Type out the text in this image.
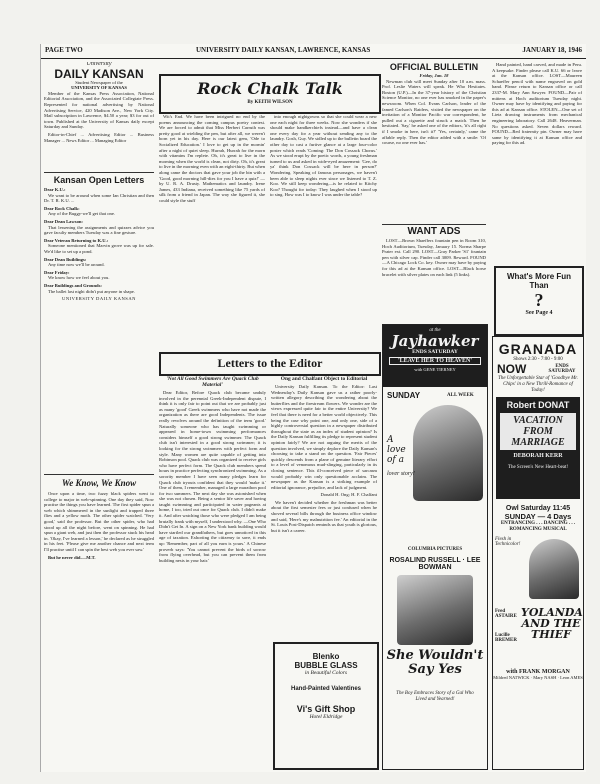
PAGE TWO	UNIVERSITY DAILY KANSAN, LAWRENCE, KANSAS	JANUARY 18, 1946
University
DAILY KANSAN
Student Newspaper of the
UNIVERSITY OF KANSAS

Member of the Kansas Press Association, National Editorial Association, and the Associated Collegiate Press. Represented for national advertising by National Advertising Service, 420 Madison Ave., New York City. Mail subscription in Lawrence, $4.50 a year; $3 for out of town. Published at the University of Kansas daily except Saturday and Sunday.

Editor-in-Chief ... Advertising Editor ... Business Manager ... News Editor ... Managing Editor

Kansan Open Letters
Dear K.U.:

We want to be around when some Ian Christian and then Dr. T. R. K.U. ...

Dear Rock Chalk:

Any of the Buggy-we'll get that one.

Dear Dean Lawson:

That lessening the assignments and quizzes advice you gave faculty members Tuesday was a fine gesture.

Dear Veteran Returning to K.U.:

Someone mentioned that Marvin grove was up for sale. We'd like to set up a pond.

Dear Dean Buildings:

Any time now we'll be around.

Dear Friday:

We know how we feel about you.

Dear Buildings and Grounds:

The ballet last night didn't put anyone in shape.

UNIVERSITY DAILY KANSAN
We Know, We Know

Once upon a time, two fuzzy black spiders went to college to major in web-spinning. One day they said, Now practise the things you have learned. The first spider spun a web which shimmered in the sunlight and trapped three flies and a yellow moth. The other spider watched. 'Very good,' said the professor. But the other spider, who had stood up all the night before, went on spinning. He had spun a giant web, and just then the professor stuck his head in. 'Okay, I've learned a lesson,' he declared as he struggled in his feet. 'Please give me another chance and next term I'll practise until I can spin the best web you ever saw.'

But he never did.—M.T.

Rock Chalk Talk
By KEITH WILSON

Wit's End. We have been intrigued no end by the poems announcing the coming campus poetry contest. We are forced to admit that Miss Herbert Carruth was pretty good at wielding the pen, but after all, we weren't born yet in his day. Here is our latest gem, 'Ode to Socialized Education.' I love to get up in the mornin' after a night of quiet sleep. Hurrah, Hurrah for the morn with vitamins I'm replete. Oh, it's great to live in the morning when the world is clean, not dirty. Oh, it's great to live in the morning even with an eight-thirty. But when along came the doctors that gave your job the bin with a 'Good, good morning hill-dies for you I have a quiz!' —by U. R. A. Drusty. Mathematics and laundry. Irene James, 433 Indiana, received something like 75 yards of silk from a friend in Japan. The way she figured it, she could style the stuff

into enough nightgowns so that she could wear a new one each night for three weeks. Now she wonders if she should make handkerchiefs instead—and have a clean one every day for a year without sending any to the laundry. Gosh, Guy. We sidled up to the bulletin board the other day to cast a furtive glance at a large four-color poster which reads 'Coming: The Don Cossack Chorus.' As we stood erupt by the poetic words, a young freshman turned to us and asked in wide-eyed amazement: 'Gee, do ya' think Don Cossack will be here in person?' Wondering. Speaking of famous personages, we haven't been able to sleep nights ever since we listened to T. Z. Koo. We still keep wondering—is he related to Kitchy Koo? Thought for today: They laughed when I stood up to sing. How was I to know I was under the table?

Letters to the Editor
'Not All Good Swimmers Are Quack Club Material'

Dear Editor, Before Quack club became unduly involved in the perennial Greek-Independent dispute, I think it is only fair to point out that we are probably just as many 'good' Greek swimmers who have not made the organization as there are good Independents. The issue really revolves around the definition of the term 'good.' Naturally someone who has taught swimming or appeared in home-town swimming performances considers himself a good strong swimmer. The Quack club isn't interested in a good strong swimmer; it is looking for the strong swimmers with perfect form and style. Many women are quite capable of getting into Robinson pool. Quack club was organized to receive girls who have perfect form. The Quack club members spend hours in practice perfecting synchronized swimming. As a sorority member I have seen many pledges learn for Quack club tryouts confident that they would 'make it.' One of them, I remember, managed a large marathon pool for two summers. The next day she was astonished when she was not chosen. Being a senior life saver and having taught swimming and participated in water pageants at home, I too, tried out once for Quack club. I didn't make it. And after watching those who were pledged I am being brutally frank with myself, I understood why. —One Who Didn't Get In. A sign on a New York bank building would have startled our grandfathers, but goes unnoticed in this age of taxation. Exhorting the citizenry to save, it ends up: 'Remember, part of all you earn is yours.' A Chinese proverb says: 'You cannot prevent the birds of sorrow from flying overhead, but you can prevent them from building nests in your hair.'

Ong and Chalfant Object to Editorial

University Daily Kansan. To the Editor: Last Wednesday's Daily Kansan gave us a rather poorly-written allegory describing the wondering about the butterflies and the firestream flowers. We wonder are the views expressed quite fair to the entire University? We feel that there is need for a better world objectively. This being the case why point one, and only one, side of a highly controversial question in a newspaper distributed throughout the state as an index of student opinion? Is the Daily Kansan fulfilling its pledge to represent student opinion fairly? We are not arguing the merits of the question involved, we simply deplore the Daily Kansan's choosing to take a stand on the question. 'Fair Pieces' quickly descends from a plane of genuine literary effort to a level of venomous mud-slinging, particularly in its closing sentence. This ill-conceived piece of sarcasm would probably win only questionable acclaim. The newspaper as the Kansan is a striking example of editorial ignorance, prejudice, and lack of judgment.

Donald H. Ong; H. F. Chalfant

We haven't decided whether the freshman was better about the first semester fees or just confused when he shoved several bills through the business office window and said, 'Here's my malnutrition fee.' An editorial in the St. Louis Post-Dispatch reminds us that youth is glorious, but it isn't a career.

Blenko
BUBBLE GLASS
in Beautiful Colors
Hand-Painted Valentines
Vi's Gift Shop
Hotel Eldridge
OFFICIAL BULLETIN
Friday, Jan. 18

Newman club will meet Sunday after 10 a.m. mass. Prof. Leslie Waters will speak. He Who Hesitates. Boston (U.P.)—In the 37-year history of the Christian Science Monitor, no one ever has smoked in the paper's newsroom. When Col. Evans Carlson, leader of the famed Carlson's Raiders, visited the newspaper on the invitation of a Monitor Pacific war correspondent, he pulled out a cigarette and struck a match. Then he hesitated. 'Say,' he asked one of the editors, 'it's all right if I smoke in here, isn't it?' 'Yes, certainly,' came the affable reply. Then the editor added with a smile: 'Of course, no one ever has.'

WANT ADS

LOST—Brown Shaeffers fountain pen in Room 310, Hoch Auditorium, Tuesday, January 15. Norma Sharpe Prater ext. Call 290. LOST—Gray Parker 'S1' fountain pen with silver cap. Finder call 3009. Reward. FOUND—A Chicago Lock Co. key. Owner may have by paying for this ad at the Kansan office. LOST—Black horse bracelet with silver plates on each link (5 links).

at the
Jayhawker
ENDS SATURDAY
'LEAVE HER TO HEAVEN'
with GENE TIERNEY
SUNDAY	ALL WEEK
A love of a
lover story!
COLUMBIA PICTURES
ROSALIND RUSSELL · LEE BOWMAN
She Wouldn't Say Yes
The Boy Embraces Story of a Gal Who Lived and Yearned!

Hand painted, hand carved, and made in Peru. A keepsake. Finder please call K.U. 66 or leave at the Kansan office. LOST—Maureen Schaeffer pencil with name engraved on gold band. Please return to Kansan office or call 2337-M. Mary Ann Sawyer. FOUND—Pair of mittens at Hoch auditorium Tuesday night. Owner may have by identifying and paying for this ad at Kansan office. STOLEN—One set of Lietz drawing instruments from mechanical engineering laboratory. Call 2648. Heaverman. No questions asked. Seven dollars reward. FOUND—Red fraternity pin. Owner may have same by identifying it at Kansan office and paying for this ad.

What's More Fun
Than
?
See Page 4
GRANADA
Shows 2:30 - 7:00 - 9:00
NOW	ENDS SATURDAY
The Unforgettable Star of 'Goodbye Mr. Chips' in a New Thrill-Romance of Today!
Robert DONAT
VACATION FROM MARRIAGE
DEBORAH KERR
The Screen's New Heart-beat!
Owl Saturday 11:45
SUNDAY — 4 Days
ENTRANCING . . . DANCING . . . ROMANCING MUSICAL
Flesh in Technicolor!
YOLANDA AND THE THIEF
Fred ASTAIRE
Lucille BREMER
with FRANK MORGAN
Mildred NATWICK · Mary NASH · Leon AMES
